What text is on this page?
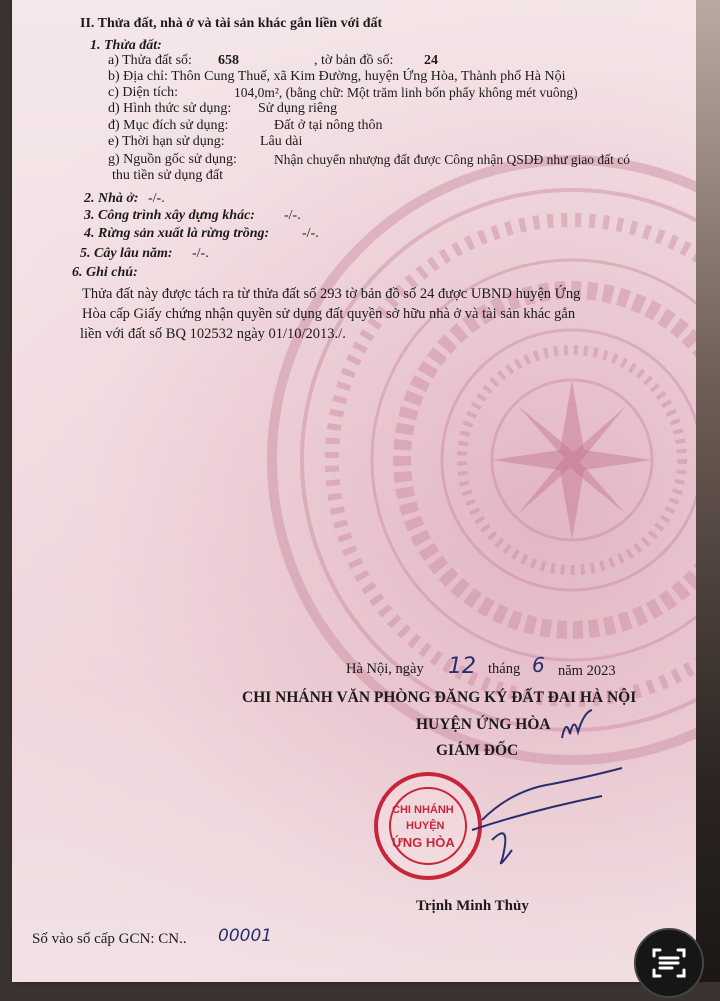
II. Thửa đất, nhà ở và tài sản khác gắn liền với đất
1. Thửa đất:
a) Thửa đất số: 658	, tờ bản đồ số: 24
b) Địa chỉ: Thôn Cung Thuế, xã Kim Đường, huyện Ứng Hòa, Thành phố Hà Nội
c) Diện tích:	104,0m², (bằng chữ: Một trăm linh bốn phẩy không mét vuông)
d) Hình thức sử dụng: Sử dụng riêng
đ) Mục đích sử dụng:	Đất ở tại nông thôn
e) Thời hạn sử dụng:	Lâu dài
g) Nguồn gốc sử dụng:	Nhận chuyển nhượng đất được Công nhận QSDĐ như giao đất có
thu tiền sử dụng đất
2. Nhà ở: -/-.
3. Công trình xây dựng khác: -/-.
4. Rừng sản xuất là rừng trồng: -/-.
5. Cây lâu năm: -/-.
6. Ghi chú:
Thửa đất này được tách ra từ thửa đất số 293 tờ bản đồ số 24 được UBND huyện Ứng
Hòa cấp Giấy chứng nhận quyền sử dụng đất quyền sở hữu nhà ở và tài sản khác gắn
liền với đất số BQ 102532 ngày 01/10/2013./.
Hà Nội, ngày 12 tháng 6 năm 2023
CHI NHÁNH VĂN PHÒNG ĐĂNG KÝ ĐẤT ĐAI HÀ NỘI
HUYỆN ỨNG HÒA
GIÁM ĐỐC
CHI NHÁNH
HUYỆN
ỨNG HÒA
Trịnh Minh Thủy
Số vào sổ cấp GCN: CN.. 00001
